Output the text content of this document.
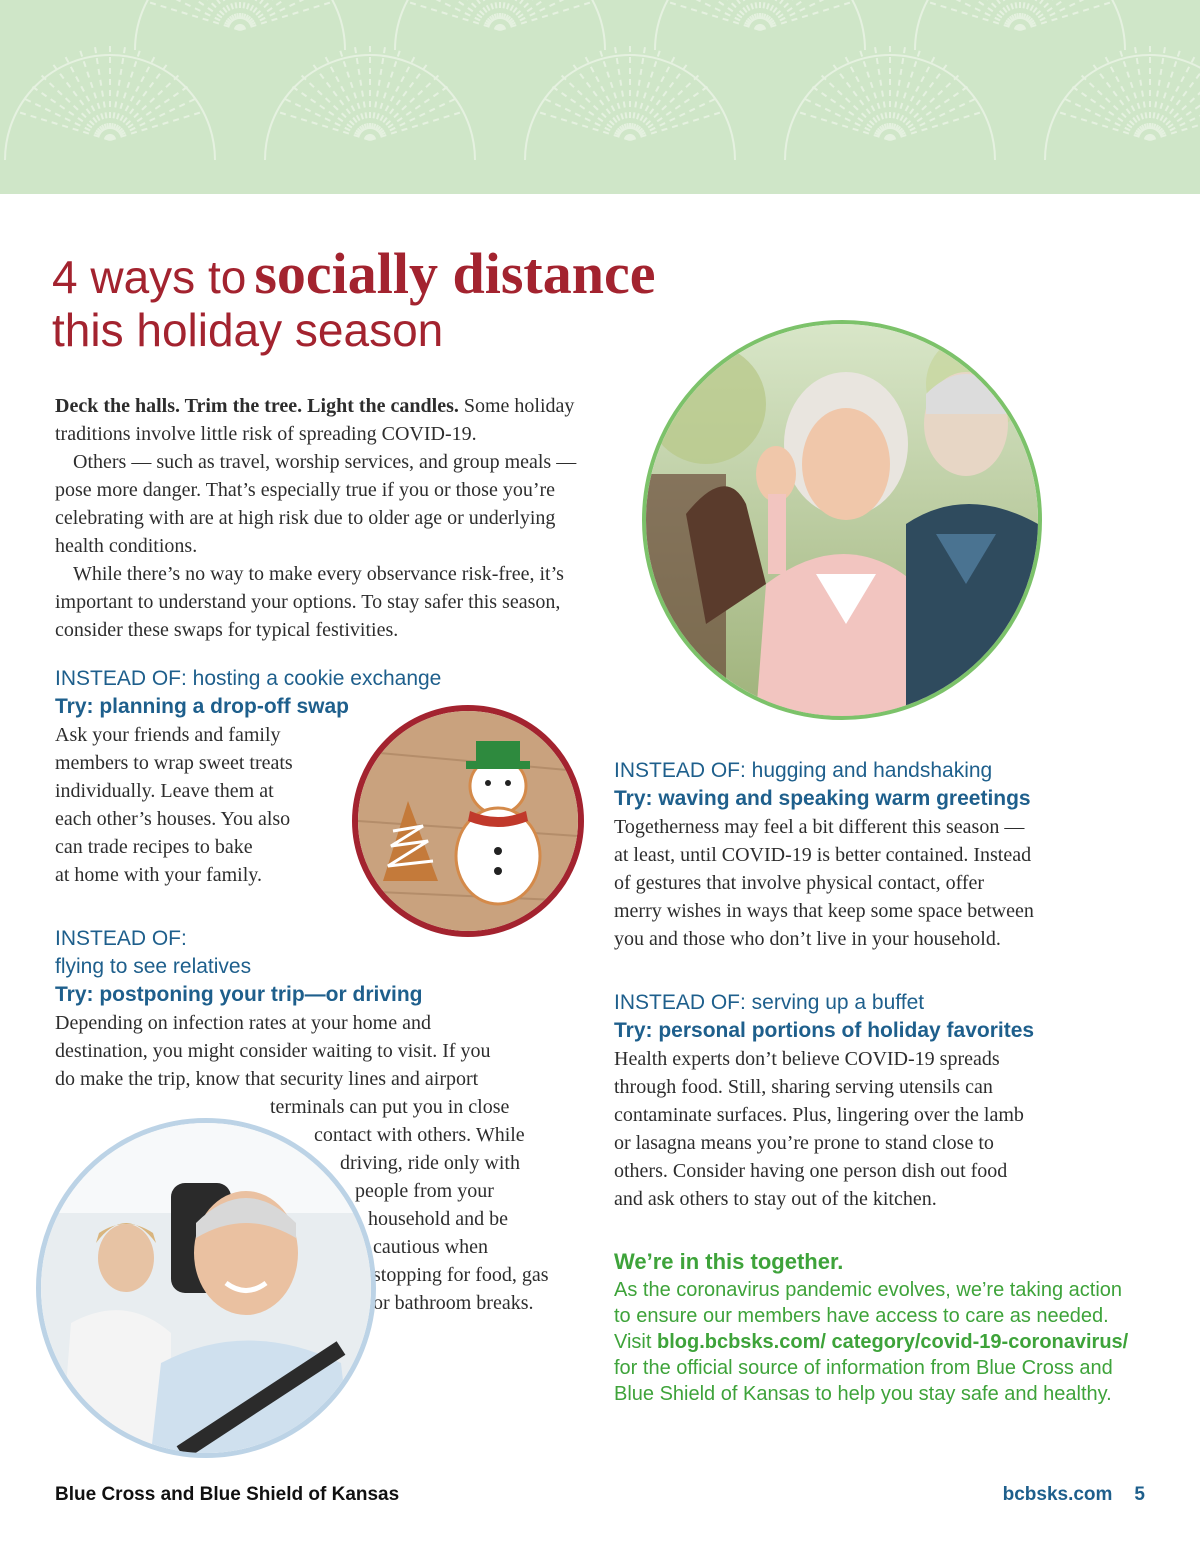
4 ways to socially distance
this holiday season

Deck the halls. Trim the tree. Light the candles. Some holiday traditions involve little risk of spreading COVID-19.

Others — such as travel, worship services, and group meals — pose more danger. That’s especially true if you or those you’re celebrating with are at high risk due to older age or underlying health conditions.

While there’s no way to make every observance risk-free, it’s important to understand your options. To stay safer this season, consider these swaps for typical festivities.

INSTEAD OF: hosting a cookie exchange

Try: planning a drop-off swap

Ask your friends and family
members to wrap sweet treats
individually. Leave them at
each other’s houses. You also
can trade recipes to bake
at home with your family.

INSTEAD OF:

flying to see relatives

Try: postponing your trip—or driving

Depending on infection rates at your home and
destination, you might consider waiting to visit. If you
do make the trip, know that security lines and airport
terminals can put you in close
contact with others. While
driving, ride only with
people from your
household and be
cautious when
stopping for food, gas
or bathroom breaks.

INSTEAD OF: hugging and handshaking

Try: waving and speaking warm greetings

Togetherness may feel a bit different this season —
at least, until COVID-19 is better contained. Instead
of gestures that involve physical contact, offer
merry wishes in ways that keep some space between
you and those who don’t live in your household.

INSTEAD OF: serving up a buffet

Try: personal portions of holiday favorites

Health experts don’t believe COVID-19 spreads
through food. Still, sharing serving utensils can
contaminate surfaces. Plus, lingering over the lamb
or lasagna means you’re prone to stand close to
others. Consider having one person dish out food
and ask others to stay out of the kitchen.
We’re in this together.

As the coronavirus pandemic evolves, we’re taking action to ensure our members have access to care as needed. Visit blog.bcbsks.com/ category/covid-19-coronavirus/ for the official source of information from Blue Cross and Blue Shield of Kansas to help you stay safe and healthy.

Blue Cross and Blue Shield of Kansas	bcbsks.com 5
